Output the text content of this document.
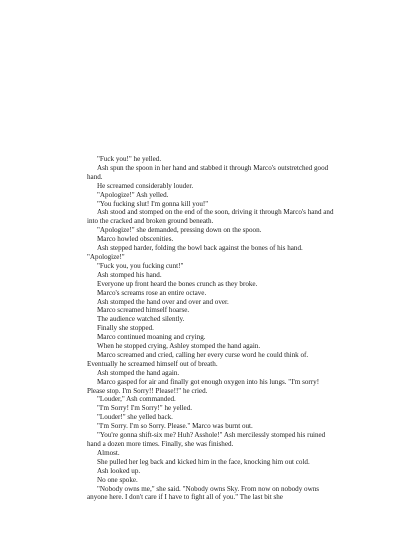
"Fuck you!" he yelled.

Ash spun the spoon in her hand and stabbed it through Marco's outstretched good hand.

He screamed considerably louder.

"Apologize!" Ash yelled.

"You fucking slut! I'm gonna kill you!"

Ash stood and stomped on the end of the soon, driving it through Marco's hand and into the cracked and broken ground beneath.

"Apologize!" she demanded, pressing down on the spoon.

Marco howled obscenities.

Ash stepped harder, folding the bowl back against the bones of his hand. "Apologize!"

"Fuck you, you fucking cunt!"

Ash stomped his hand.

Everyone up front heard the bones crunch as they broke.

Marco's screams rose an entire octave.

Ash stomped the hand over and over and over.

Marco screamed himself hoarse.

The audience watched silently.

Finally she stopped.

Marco continued moaning and crying.

When he stopped crying, Ashley stomped the hand again.

Marco screamed and cried, calling her every curse word he could think of. Eventually he screamed himself out of breath.

Ash stomped the hand again.

Marco gasped for air and finally got enough oxygen into his lungs. "I'm sorry! Please stop. I'm Sorry!! Please!!" he cried.

"Louder," Ash commanded.

"I'm Sorry! I'm Sorry!" he yelled.

"Louder!" she yelled back.

"I'm Sorry. I'm so Sorry. Please." Marco was burnt out.

"You're gonna shift-six me? Huh? Asshole!" Ash mercilessly stomped his ruined hand a dozen more times. Finally, she was finished.

Almost.

She pulled her leg back and kicked him in the face, knocking him out cold.

Ash looked up.

No one spoke.

"Nobody owns me," she said. "Nobody owns Sky. From now on nobody owns anyone here. I don't care if I have to fight all of you." The last bit she
